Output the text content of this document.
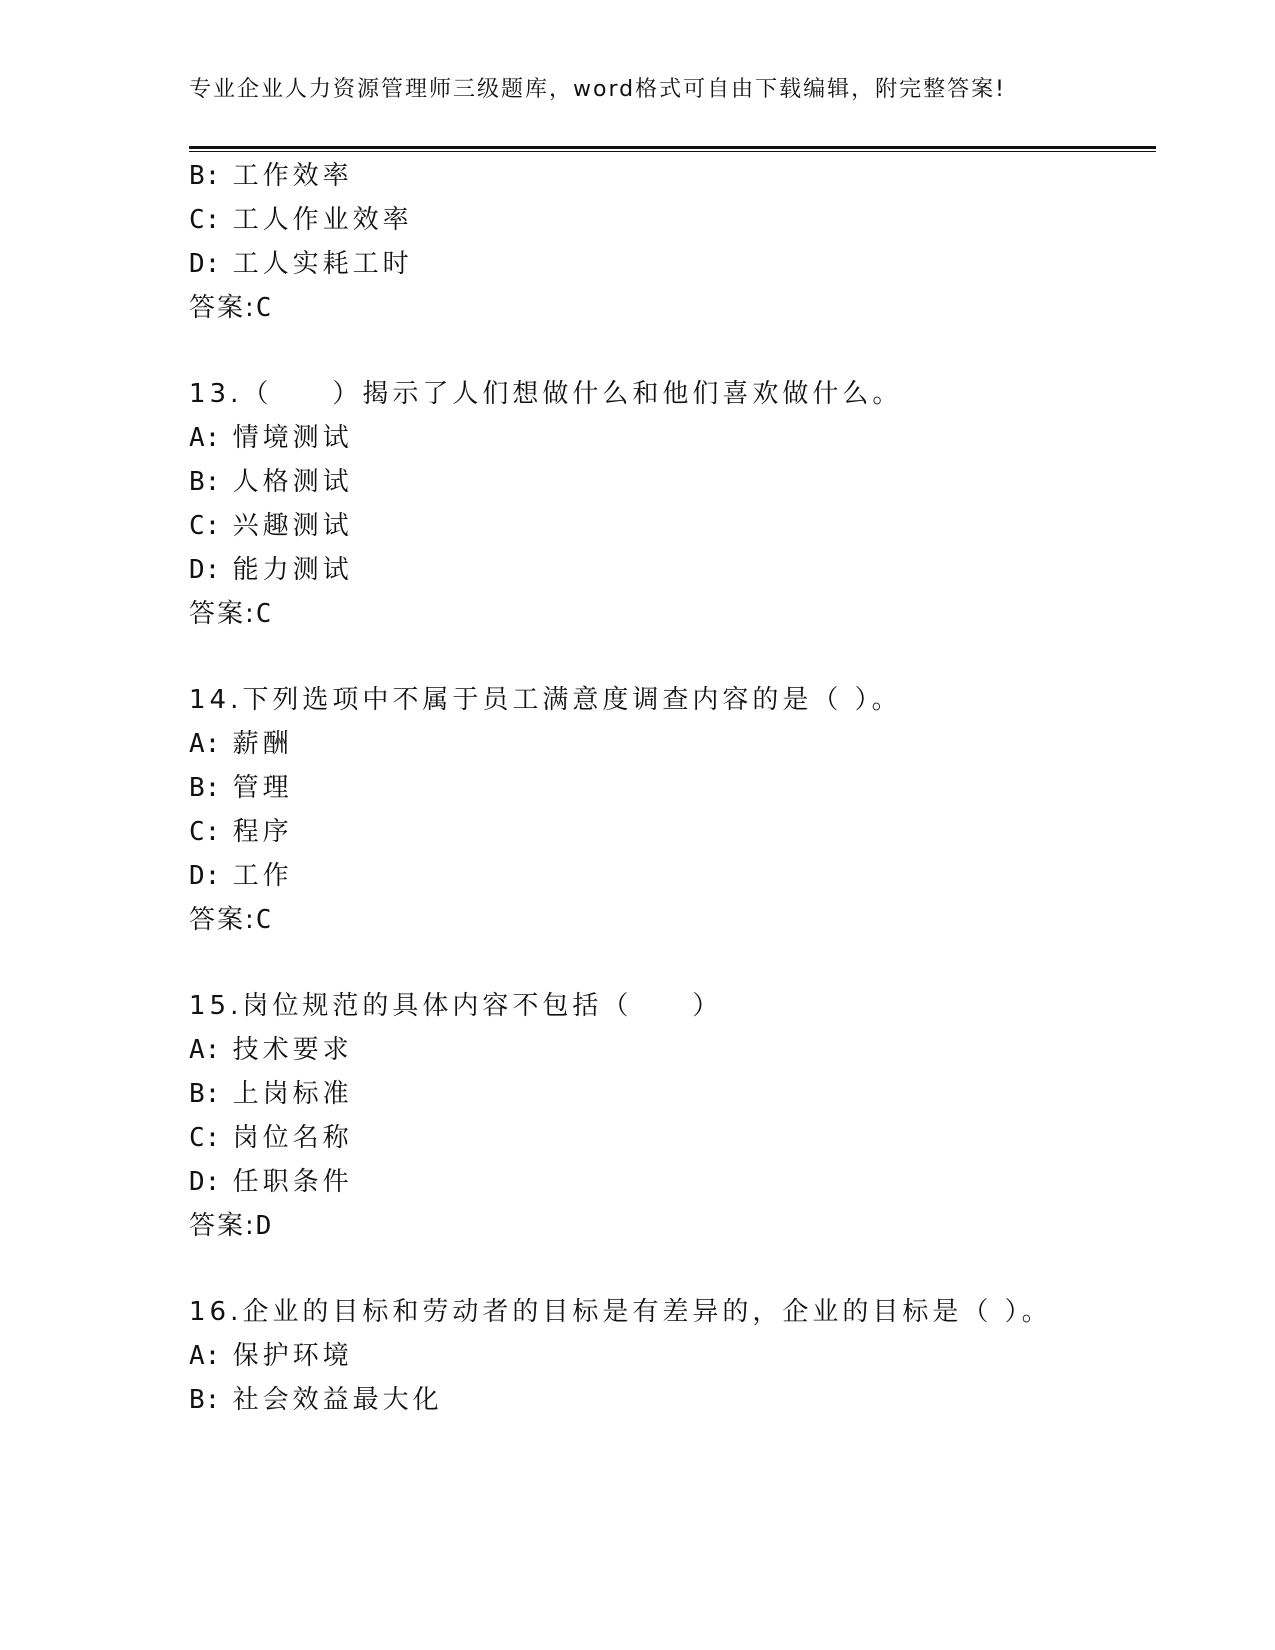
专业企业人力资源管理师三级题库，word格式可自由下载编辑，附完整答案!
B: 工作效率
C: 工人作业效率
D: 工人实耗工时
答案:C
13.（　　）揭示了人们想做什么和他们喜欢做什么。
A: 情境测试
B: 人格测试
C: 兴趣测试
D: 能力测试
答案:C
14.下列选项中不属于员工满意度调查内容的是（ ）。
A: 薪酬
B: 管理
C: 程序
D: 工作
答案:C
15.岗位规范的具体内容不包括（　　）
A: 技术要求
B: 上岗标准
C: 岗位名称
D: 任职条件
答案:D
16.企业的目标和劳动者的目标是有差异的，企业的目标是（ ）。
A: 保护环境
B: 社会效益最大化
